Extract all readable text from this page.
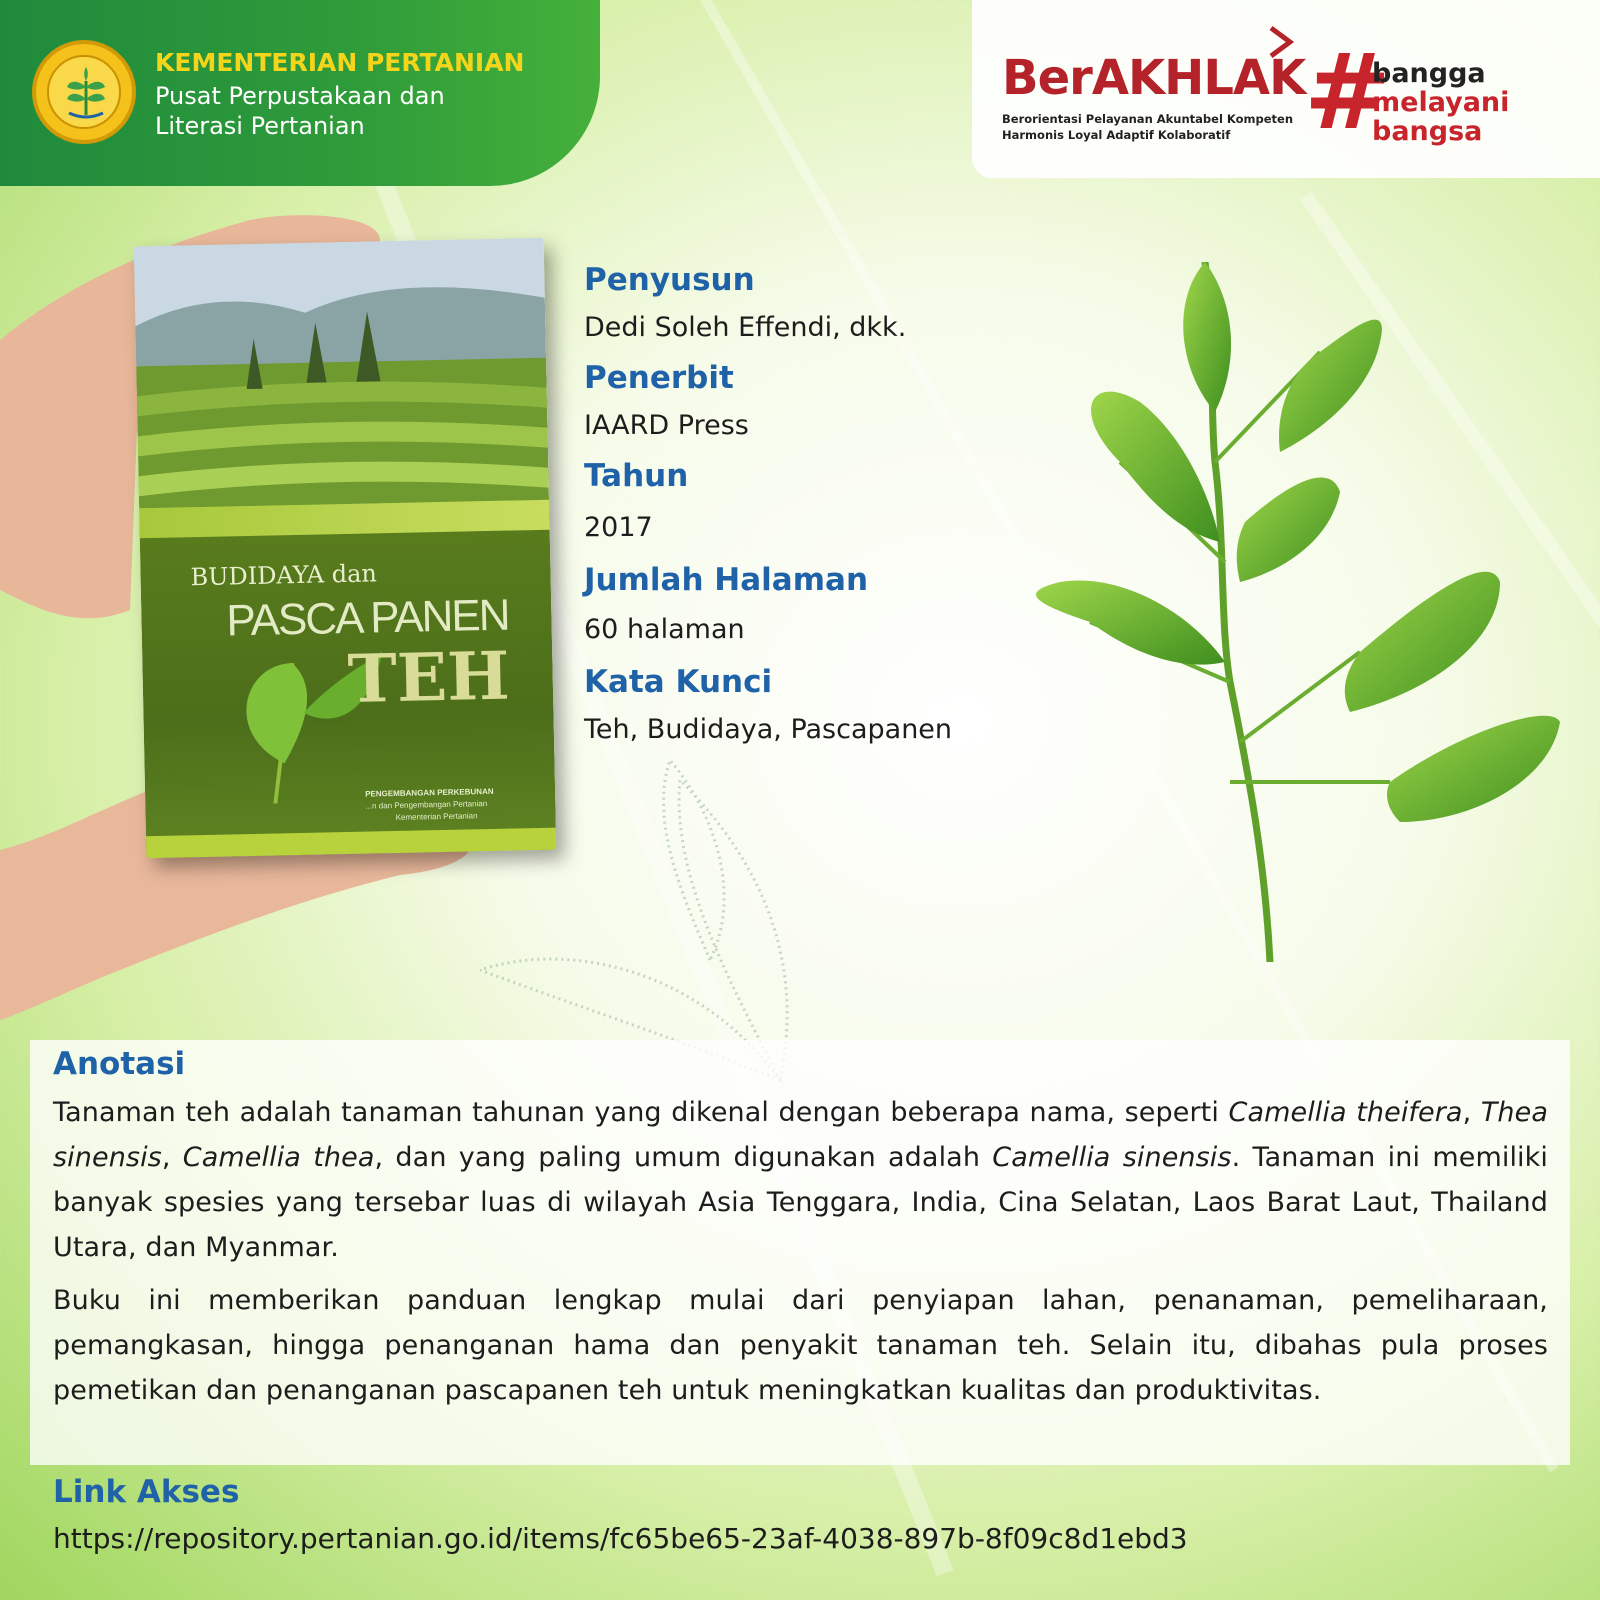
KEMENTERIAN PERTANIAN
Pusat Perpustakaan dan
Literasi Pertanian
BerAKHLAK
Berorientasi Pelayanan Akuntabel Kompeten
Harmonis Loyal Adaptif Kolaboratif #
bangga
melayani
bangsa
BUDIDAYA dan
PASCA PANEN
TEH
PENGEMBANGAN PERKEBUNAN
...n dan Pengembangan Pertanian
Kementerian Pertanian
Penyusun
Dedi Soleh Effendi, dkk.
Penerbit
IAARD Press
Tahun
2017
Jumlah Halaman
60 halaman
Kata Kunci
Teh, Budidaya, Pascapanen
Anotasi
Tanaman teh adalah tanaman tahunan yang dikenal dengan beberapa nama, seperti Camellia theifera, Thea sinensis, Camellia thea, dan yang paling umum digunakan adalah Camellia sinensis. Tanaman ini memiliki banyak spesies yang tersebar luas di wilayah Asia Tenggara, India, Cina Selatan, Laos Barat Laut, Thailand Utara, dan Myanmar.
Buku ini memberikan panduan lengkap mulai dari penyiapan lahan, penanaman, pemeliharaan, pemangkasan, hingga penanganan hama dan penyakit tanaman teh. Selain itu, dibahas pula proses pemetikan dan penanganan pascapanen teh untuk meningkatkan kualitas dan produktivitas.
Link Akses
https://repository.pertanian.go.id/items/fc65be65-23af-4038-897b-8f09c8d1ebd3
